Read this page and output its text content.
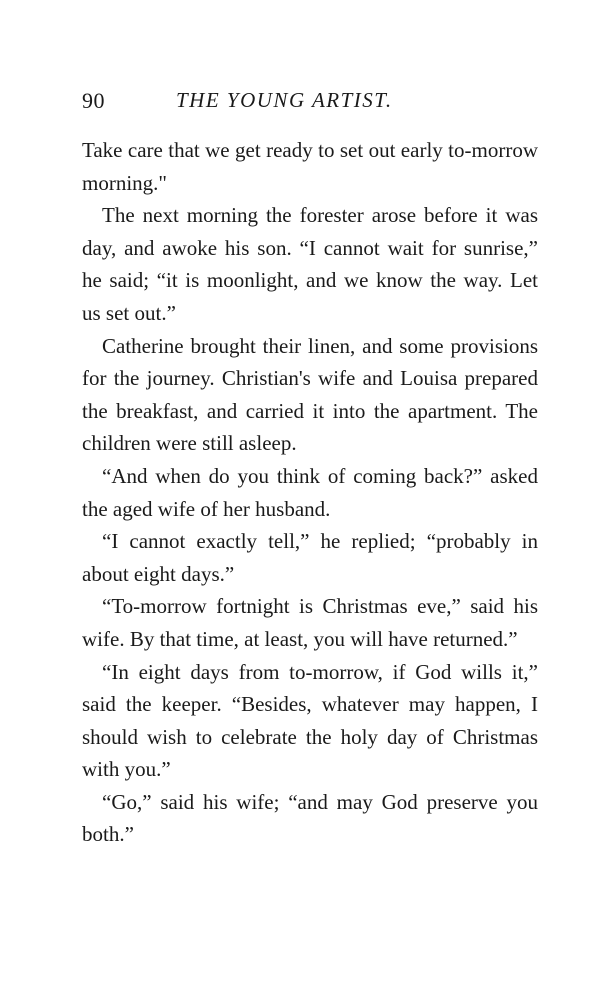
90	THE YOUNG ARTIST.

Take care that we get ready to set out early to-morrow morning."

The next morning the forester arose before it was day, and awoke his son. “I cannot wait for sunrise,” he said; “it is moonlight, and we know the way. Let us set out.”

Catherine brought their linen, and some provisions for the journey. Christian's wife and Louisa prepared the breakfast, and carried it into the apartment. The children were still asleep.

“And when do you think of coming back?” asked the aged wife of her husband.

“I cannot exactly tell,” he replied; “probably in about eight days.”

“To-morrow fortnight is Christmas eve,” said his wife. By that time, at least, you will have returned.”

“In eight days from to-morrow, if God wills it,” said the keeper. “Besides, whatever may happen, I should wish to celebrate the holy day of Christmas with you.”

“Go,” said his wife; “and may God preserve you both.”
